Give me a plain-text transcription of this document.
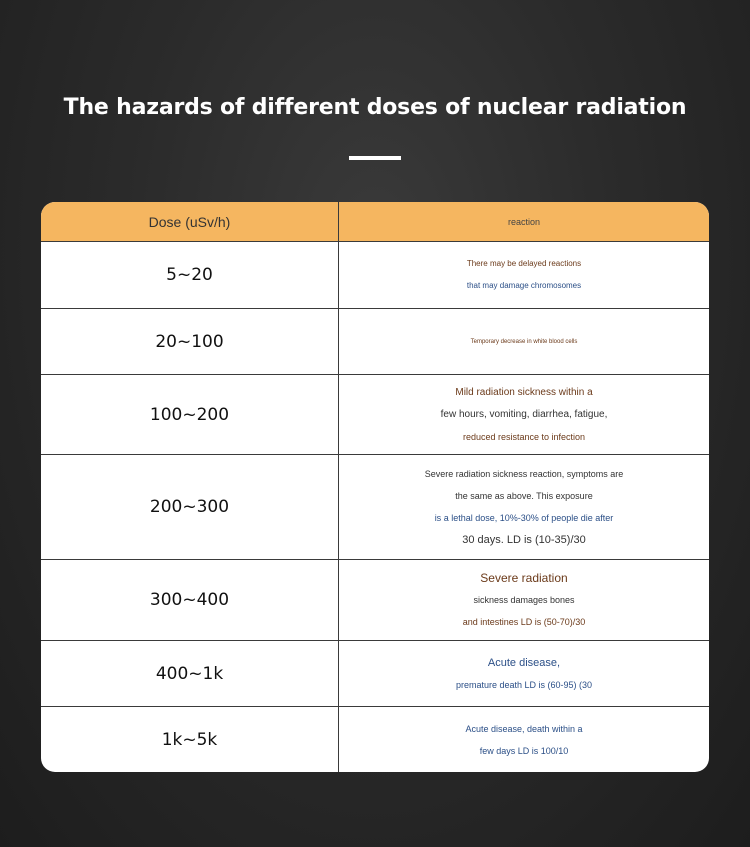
The hazards of different doses of nuclear radiation
Dose (uSv/h)	reaction
5~20
There may be delayed reactions
that may damage chromosomes
20~100	Temporary decrease in white blood cells
100~200
Mild radiation sickness within a
few hours, vomiting, diarrhea, fatigue,
reduced resistance to infection
200~300
Severe radiation sickness reaction, symptoms are
the same as above. This exposure
is a lethal dose, 10%-30% of people die after
30 days. LD is (10-35)/30
300~400
Severe radiation
sickness damages bones
and intestines LD is (50-70)/30
400~1k
Acute disease,
premature death LD is (60-95) (30
1k~5k
Acute disease, death within a
few days LD is 100/10
